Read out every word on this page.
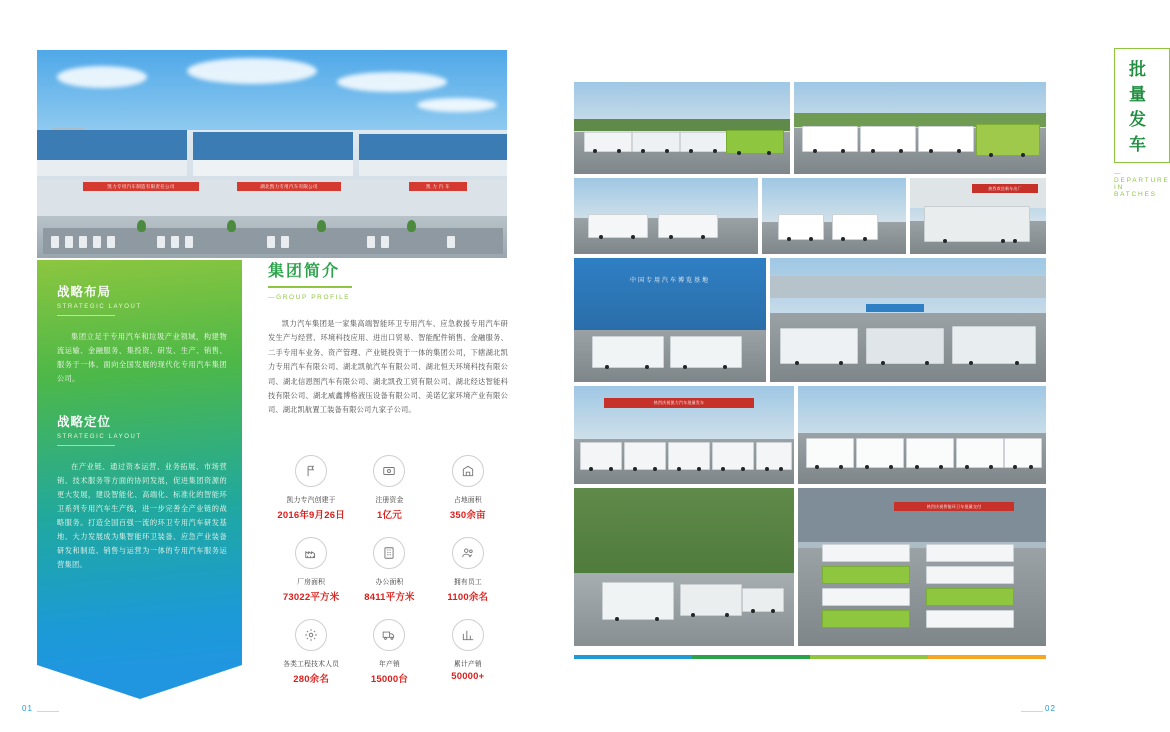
凯力专用汽车制造有限责任公司	湖北凯力专用汽车有限公司	凯 力 汽 车
战略布局
STRATEGIC LAYOUT
集团立足于专用汽车和垃圾产业领域，构建物流运输、金融服务、集投资、研发、生产、销售、服务于一体、面向全国发展的现代化专用汽车集团公司。
战略定位
STRATEGIC LAYOUT
在产业链、通过资本运营、业务拓展、市场营销、技术服务等方面的协同发展，促进集团资源的更大发展，建设智能化、高端化、标准化的智能环卫系列专用汽车生产线，进一步完善全产业链的战略服务。打造全国百强一流的环卫专用汽车研发基地、大力发展成为集智能环卫装备、应急产业装备研发和制造、销售与运营为一体的专用汽车服务运营集团。
集团简介
—GROUP PROFILE
凯力汽车集团是一家集高端智能环卫专用汽车、应急救援专用汽车研发生产与经营、环境科技应用、进出口贸易、智能配件销售、金融服务、二手专用车业务、资产管理、产业链投资于一体的集团公司，下辖湖北凯力专用汽车有限公司、湖北凯航汽车有限公司、湖北恒天环境科技有限公司、湖北信恩图汽车有限公司、湖北凯孜工贸有限公司、湖北经达智能科技有限公司、湖北威鑫博格液压设备有限公司、美诺亿家环境产业有限公司、湖北凯航置工装备有限公司九家子公司。
凯力专汽创建于
2016年9月26日
注册资金
1亿元
占地面积
350余亩
厂房面积
73022平方米
办公面积
8411平方米
拥有员工
1100余名
各类工程技术人员
280余名
年产销
15000台
累计产销
50000+
01
批量发车
—DEPARTURE IN BATCHES
热烈欢送新车出厂
中国专用汽车博览基地
热烈庆祝凯力汽车批量发车
热烈庆祝智能环卫车批量交付
02
